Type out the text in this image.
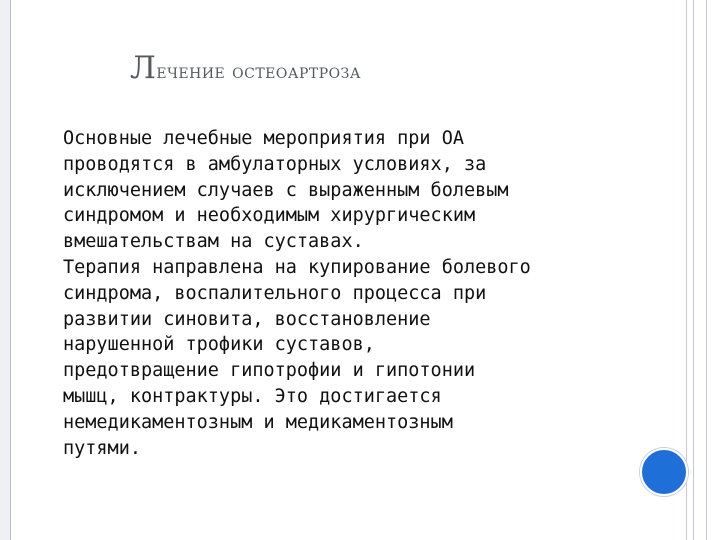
Лечение остеоартроза

Основные лечебные мероприятия при ОА
проводятся в амбулаторных условиях, за
исключением случаев с выраженным болевым
синдромом и необходимым хирургическим
вмешательствам на суставах.

Терапия направлена на купирование болевого
синдрома, воспалительного процесса при
развитии синовита, восстановление
нарушенной трофики суставов,
предотвращение гипотрофии и гипотонии
мышц, контрактуры. Это достигается
немедикаментозным и медикаментозным
путями.
